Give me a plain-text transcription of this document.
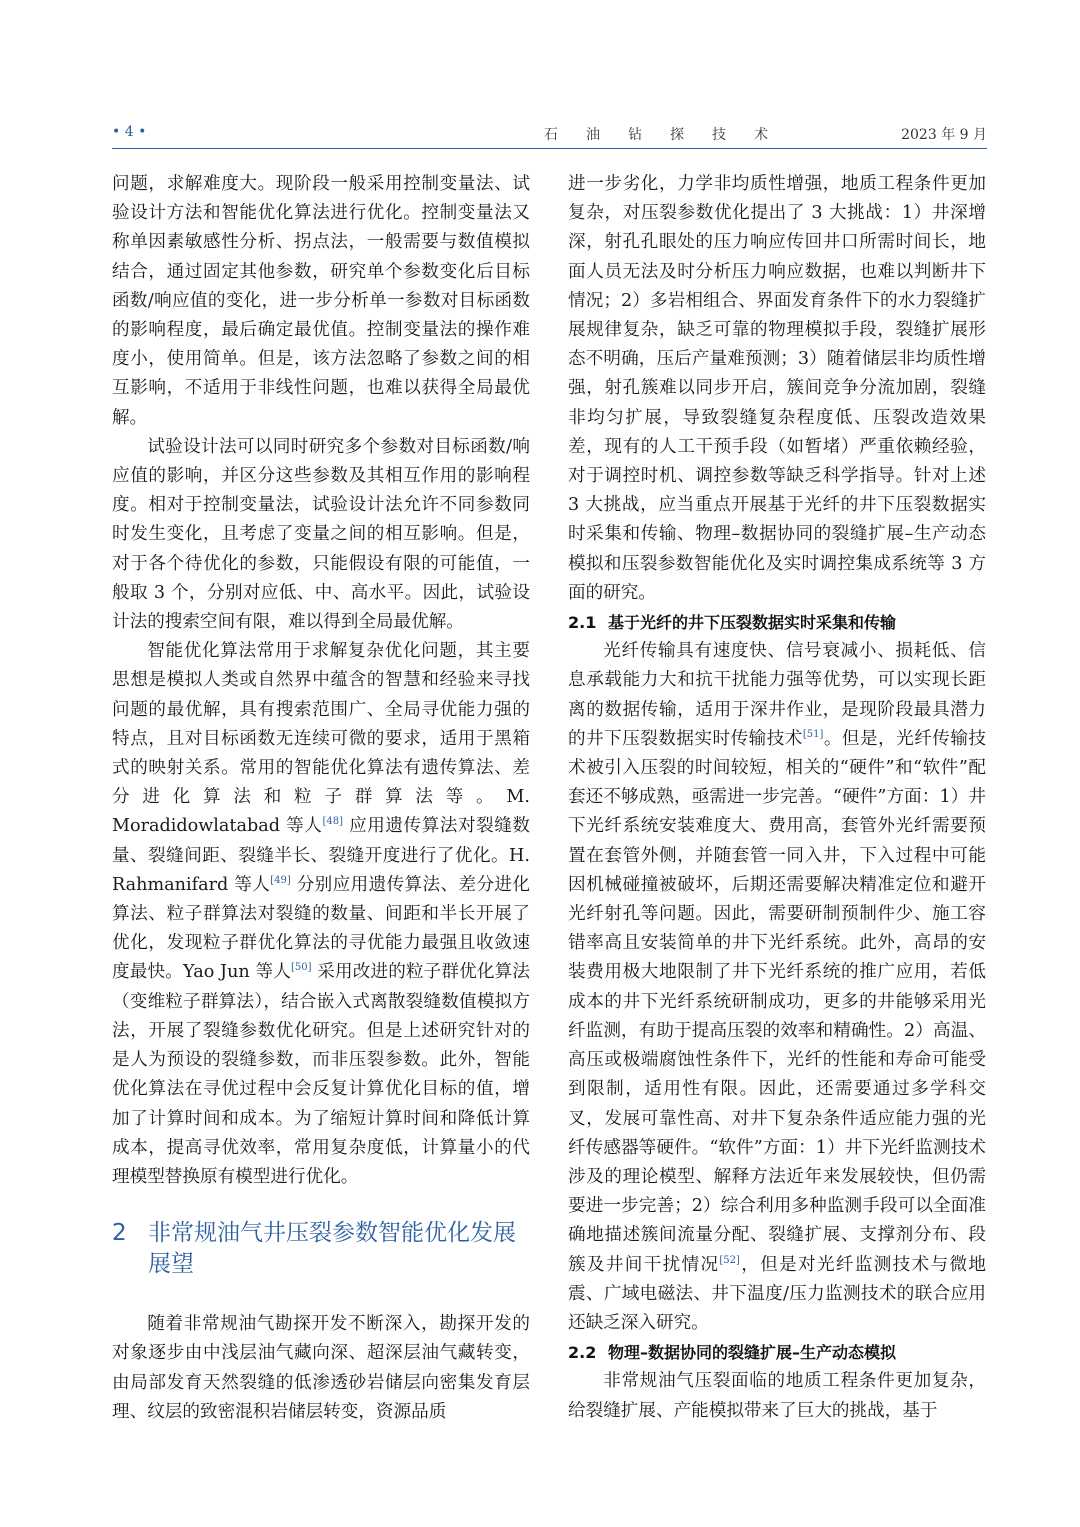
• 4 •	石油钻探技术	2023 年 9 月

问题，求解难度大。现阶段一般采用控制变量法、试验设计方法和智能优化算法进行优化。控制变量法又称单因素敏感性分析、拐点法，一般需要与数值模拟结合，通过固定其他参数，研究单个参数变化后目标函数/响应值的变化，进一步分析单一参数对目标函数的影响程度，最后确定最优值。控制变量法的操作难度小，使用简单。但是，该方法忽略了参数之间的相互影响，不适用于非线性问题，也难以获得全局最优解。

试验设计法可以同时研究多个参数对目标函数/响应值的影响，并区分这些参数及其相互作用的影响程度。相对于控制变量法，试验设计法允许不同参数同时发生变化，且考虑了变量之间的相互影响。但是，对于各个待优化的参数，只能假设有限的可能值，一般取 3 个，分别对应低、中、高水平。因此，试验设计法的搜索空间有限，难以得到全局最优解。

智能优化算法常用于求解复杂优化问题，其主要思想是模拟人类或自然界中蕴含的智慧和经验来寻找问题的最优解，具有搜索范围广、全局寻优能力强的特点，且对目标函数无连续可微的要求，适用于黑箱式的映射关系。常用的智能优化算法有遗传算法、差分进化算法和粒子群算法等。M. Moradidowlatabad 等人[48] 应用遗传算法对裂缝数量、裂缝间距、裂缝半长、裂缝开度进行了优化。H. Rahmanifard 等人[49] 分别应用遗传算法、差分进化算法、粒子群算法对裂缝的数量、间距和半长开展了优化，发现粒子群优化算法的寻优能力最强且收敛速度最快。Yao Jun 等人[50] 采用改进的粒子群优化算法（变维粒子群算法），结合嵌入式离散裂缝数值模拟方法，开展了裂缝参数优化研究。但是上述研究针对的是人为预设的裂缝参数，而非压裂参数。此外，智能优化算法在寻优过程中会反复计算优化目标的值，增加了计算时间和成本。为了缩短计算时间和降低计算成本，提高寻优效率，常用复杂度低，计算量小的代理模型替换原有模型进行优化。

2 非常规油气井压裂参数智能优化发展展望

随着非常规油气勘探开发不断深入，勘探开发的对象逐步由中浅层油气藏向深、超深层油气藏转变，由局部发育天然裂缝的低渗透砂岩储层向密集发育层理、纹层的致密混积岩储层转变，资源品质

进一步劣化，力学非均质性增强，地质工程条件更加复杂，对压裂参数优化提出了 3 大挑战：1）井深增深，射孔孔眼处的压力响应传回井口所需时间长，地面人员无法及时分析压力响应数据，也难以判断井下情况；2）多岩相组合、界面发育条件下的水力裂缝扩展规律复杂，缺乏可靠的物理模拟手段，裂缝扩展形态不明确，压后产量难预测；3）随着储层非均质性增强，射孔簇难以同步开启，簇间竞争分流加剧，裂缝非均匀扩展，导致裂缝复杂程度低、压裂改造效果差，现有的人工干预手段（如暂堵）严重依赖经验，对于调控时机、调控参数等缺乏科学指导。针对上述 3 大挑战，应当重点开展基于光纤的井下压裂数据实时采集和传输、物理–数据协同的裂缝扩展–生产动态模拟和压裂参数智能优化及实时调控集成系统等 3 方面的研究。

2.1 基于光纤的井下压裂数据实时采集和传输

光纤传输具有速度快、信号衰减小、损耗低、信息承载能力大和抗干扰能力强等优势，可以实现长距离的数据传输，适用于深井作业，是现阶段最具潜力的井下压裂数据实时传输技术[51]。但是，光纤传输技术被引入压裂的时间较短，相关的“硬件”和“软件”配套还不够成熟，亟需进一步完善。“硬件”方面：1）井下光纤系统安装难度大、费用高，套管外光纤需要预置在套管外侧，并随套管一同入井，下入过程中可能因机械碰撞被破坏，后期还需要解决精准定位和避开光纤射孔等问题。因此，需要研制预制件少、施工容错率高且安装简单的井下光纤系统。此外，高昂的安装费用极大地限制了井下光纤系统的推广应用，若低成本的井下光纤系统研制成功，更多的井能够采用光纤监测，有助于提高压裂的效率和精确性。2）高温、高压或极端腐蚀性条件下，光纤的性能和寿命可能受到限制，适用性有限。因此，还需要通过多学科交叉，发展可靠性高、对井下复杂条件适应能力强的光纤传感器等硬件。“软件”方面：1）井下光纤监测技术涉及的理论模型、解释方法近年来发展较快，但仍需要进一步完善；2）综合利用多种监测手段可以全面准确地描述簇间流量分配、裂缝扩展、支撑剂分布、段簇及井间干扰情况[52]，但是对光纤监测技术与微地震、广域电磁法、井下温度/压力监测技术的联合应用还缺乏深入研究。

2.2 物理–数据协同的裂缝扩展–生产动态模拟

非常规油气压裂面临的地质工程条件更加复杂，给裂缝扩展、产能模拟带来了巨大的挑战，基于
